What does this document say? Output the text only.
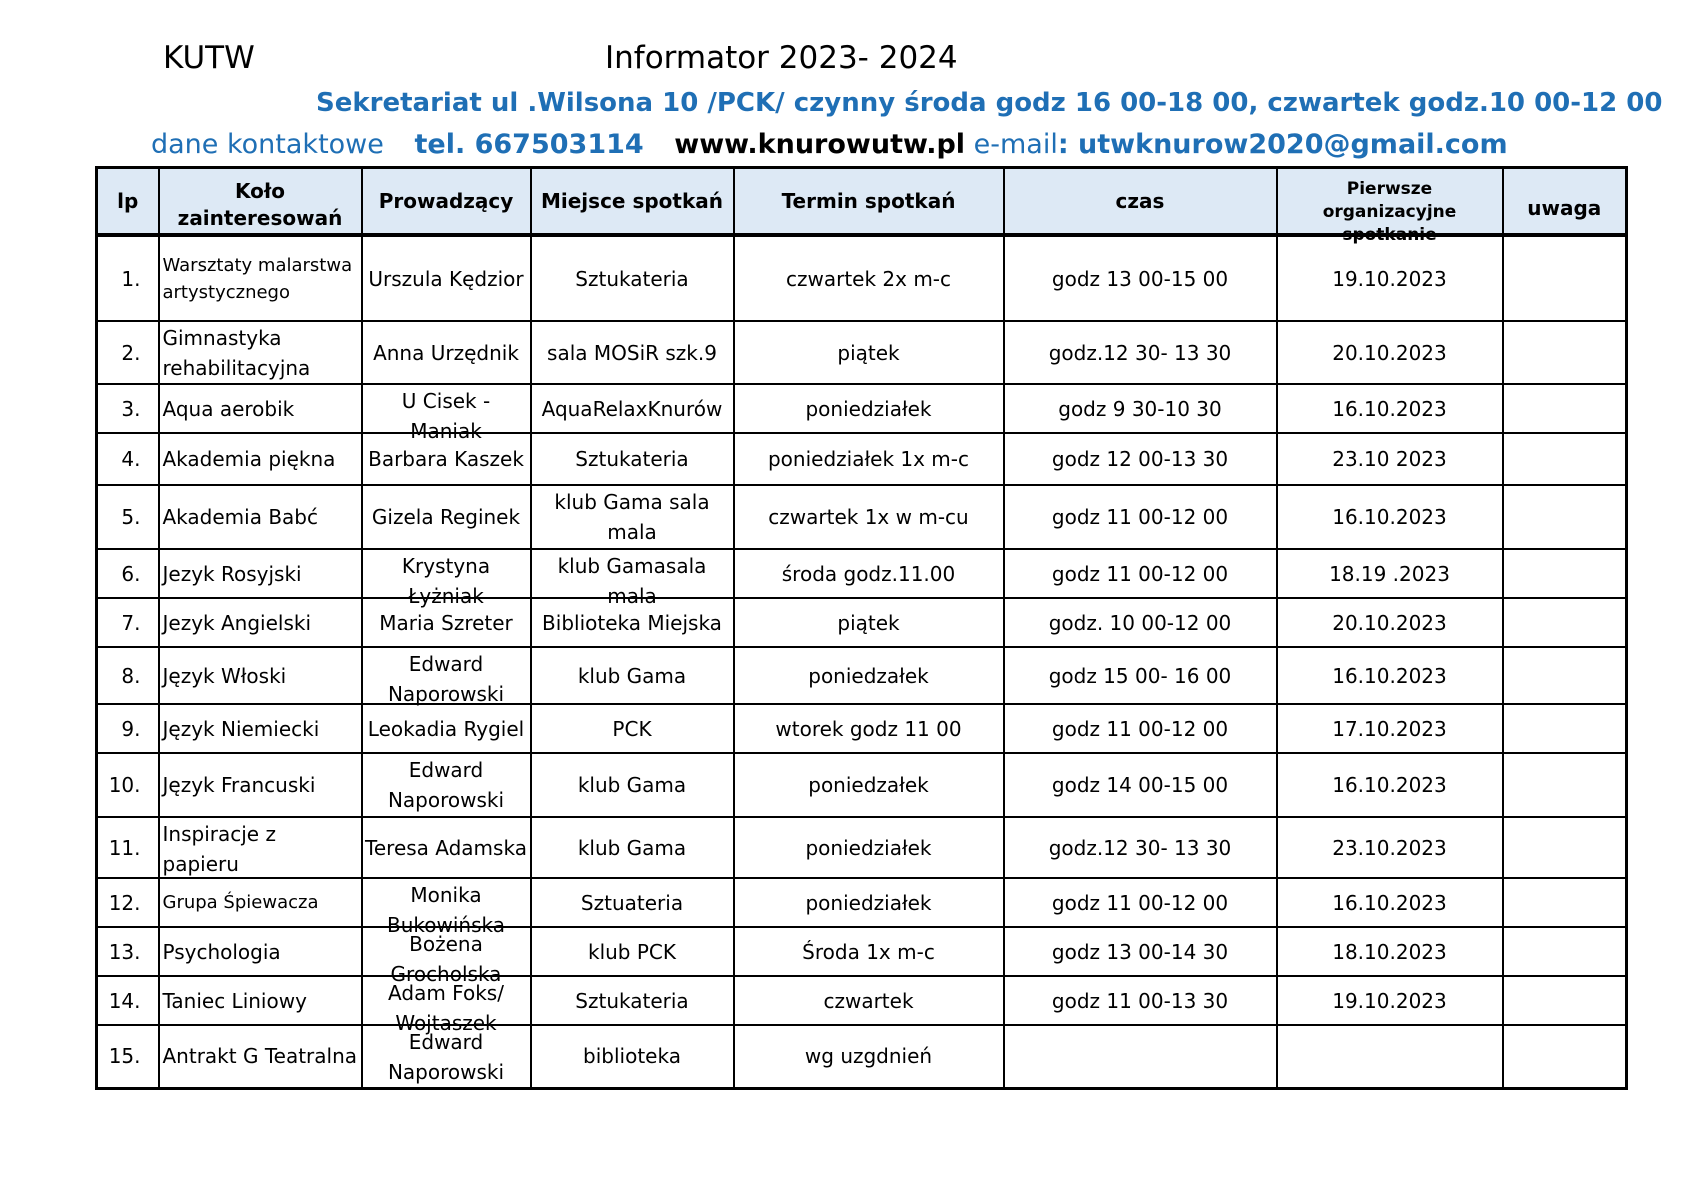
KUTW	Informator 2023- 2024
Sekretariat ul .Wilsona 10 /PCK/ czynny środa godz 16 00-18 00, czwartek godz.10 00-12 00
dane kontaktowe tel. 667503114 www.knurowutw.pl e-mail: utwknurow2020@gmail.com
lp	Koło zainteresowań	Prowadzący	Miejsce spotkań	Termin spotkań	czas	Pierwsze organizacyjne spotkanie	uwaga

1.	Warsztaty malarstwa artystycznego	Urszula Kędzior	Sztukateria	czwartek 2x m-c	godz 13 00-15 00	19.10.2023	

2.	Gimnastyka rehabilitacyjna	Anna Urzędnik	sala MOSiR szk.9	piątek	godz.12 30- 13 30	20.10.2023	

3.	Aqua aerobik	U Cisek - Maniak	AquaRelaxKnurów	poniedziałek	godz 9 30-10 30	16.10.2023	

4.	Akademia piękna	Barbara Kaszek	Sztukateria	poniedziałek 1x m-c	godz 12 00-13 30	23.10 2023	

5.	Akademia Babć	Gizela Reginek	klub Gama sala mala	czwartek 1x w m-cu	godz 11 00-12 00	16.10.2023	

6.	Jezyk Rosyjski	Krystyna Łyżniak	klub Gamasala mala	środa godz.11.00	godz 11 00-12 00	18.19 .2023	

7.	Jezyk Angielski	Maria Szreter	Biblioteka Miejska	piątek	godz. 10 00-12 00	20.10.2023	

8.	Język Włoski	Edward Naporowski	klub Gama	poniedzałek	godz 15 00- 16 00	16.10.2023	

9.	Język Niemiecki	Leokadia Rygiel	PCK	wtorek godz 11 00	godz 11 00-12 00	17.10.2023	

10.	Język Francuski	Edward Naporowski	klub Gama	poniedzałek	godz 14 00-15 00	16.10.2023	

11.	Inspiracje z papieru	Teresa Adamska	klub Gama	poniedziałek	godz.12 30- 13 30	23.10.2023	

12.	Grupa Śpiewacza	Monika Bukowińska	Sztuateria	poniedziałek	godz 11 00-12 00	16.10.2023	

13.	Psychologia	Bożena Grocholska	klub PCK	Środa 1x m-c	godz 13 00-14 30	18.10.2023	

14.	Taniec Liniowy	Adam Foks/ Wojtaszek	Sztukateria	czwartek	godz 11 00-13 30	19.10.2023	

15.	Antrakt G Teatralna	Edward Naporowski	biblioteka	wg uzgdnień			
